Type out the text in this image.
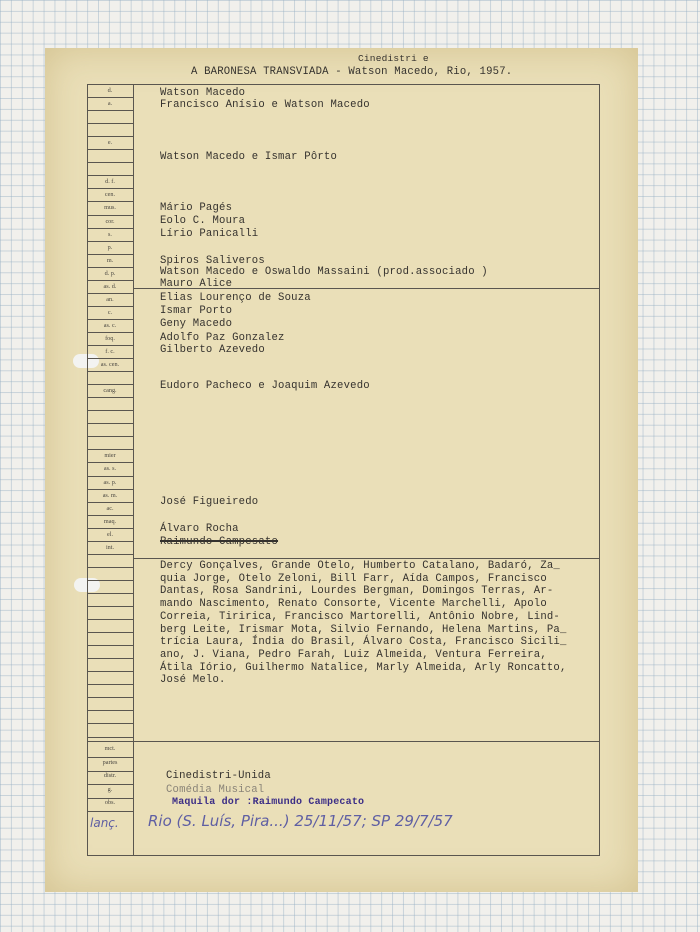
Cinedistri e
A BARONESA TRANSVIADA - Watson Macedo, Rio, 1957.
d.
a.
e.
d. f.
cen.
mus.
cor.
s.
p.
m.
d. p.
as. d.
an.
c.
as. c.
foq.
f. c.
as. cen.
cang.
mier
as. s.
as. p.
as. m.
ac.
maq.
el.
int.
mct.
partes
distr.
g.
obs.
Watson Macedo
Francisco Anísio e Watson Macedo
Watson Macedo e Ismar Pôrto
Mário Pagés
Eolo C. Moura
Lírio Panicalli
Spiros Saliveros
Watson Macedo e Oswaldo Massaini (prod.associado )
Mauro Alice
Elias Lourenço de Souza
Ismar Porto
Geny Macedo
Adolfo Paz Gonzalez
Gilberto Azevedo
Eudoro Pacheco e Joaquim Azevedo
José Figueiredo
Álvaro Rocha
Raimundo Campesato
Dercy Gonçalves, Grande Otelo, Humberto Catalano, Badaró, Za_
quia Jorge, Otelo Zeloni, Bill Farr, Aída Campos, Francisco
Dantas, Rosa Sandrini, Lourdes Bergman, Domingos Terras, Ar-
mando Nascimento, Renato Consorte, Vicente Marchelli, Apolo
Correia, Tiririca, Francisco Martorelli, Antônio Nobre, Lind-
berg Leite, Irismar Mota, Silvio Fernando, Helena Martins, Pa_
trícia Laura, Índia do Brasil, Álvaro Costa, Francisco Sicili_
ano, J. Viana, Pedro Farah, Luiz Almeida, Ventura Ferreira,
Átila Iório, Guilhermo Natalice, Marly Almeida, Arly Roncatto,
José Melo.
Cinedistri-Unida
Comédia Musical
Maquila dor :Raimundo Campecato
lanç. Rio (S. Luís, Pira...) 25/11/57; SP 29/7/57
